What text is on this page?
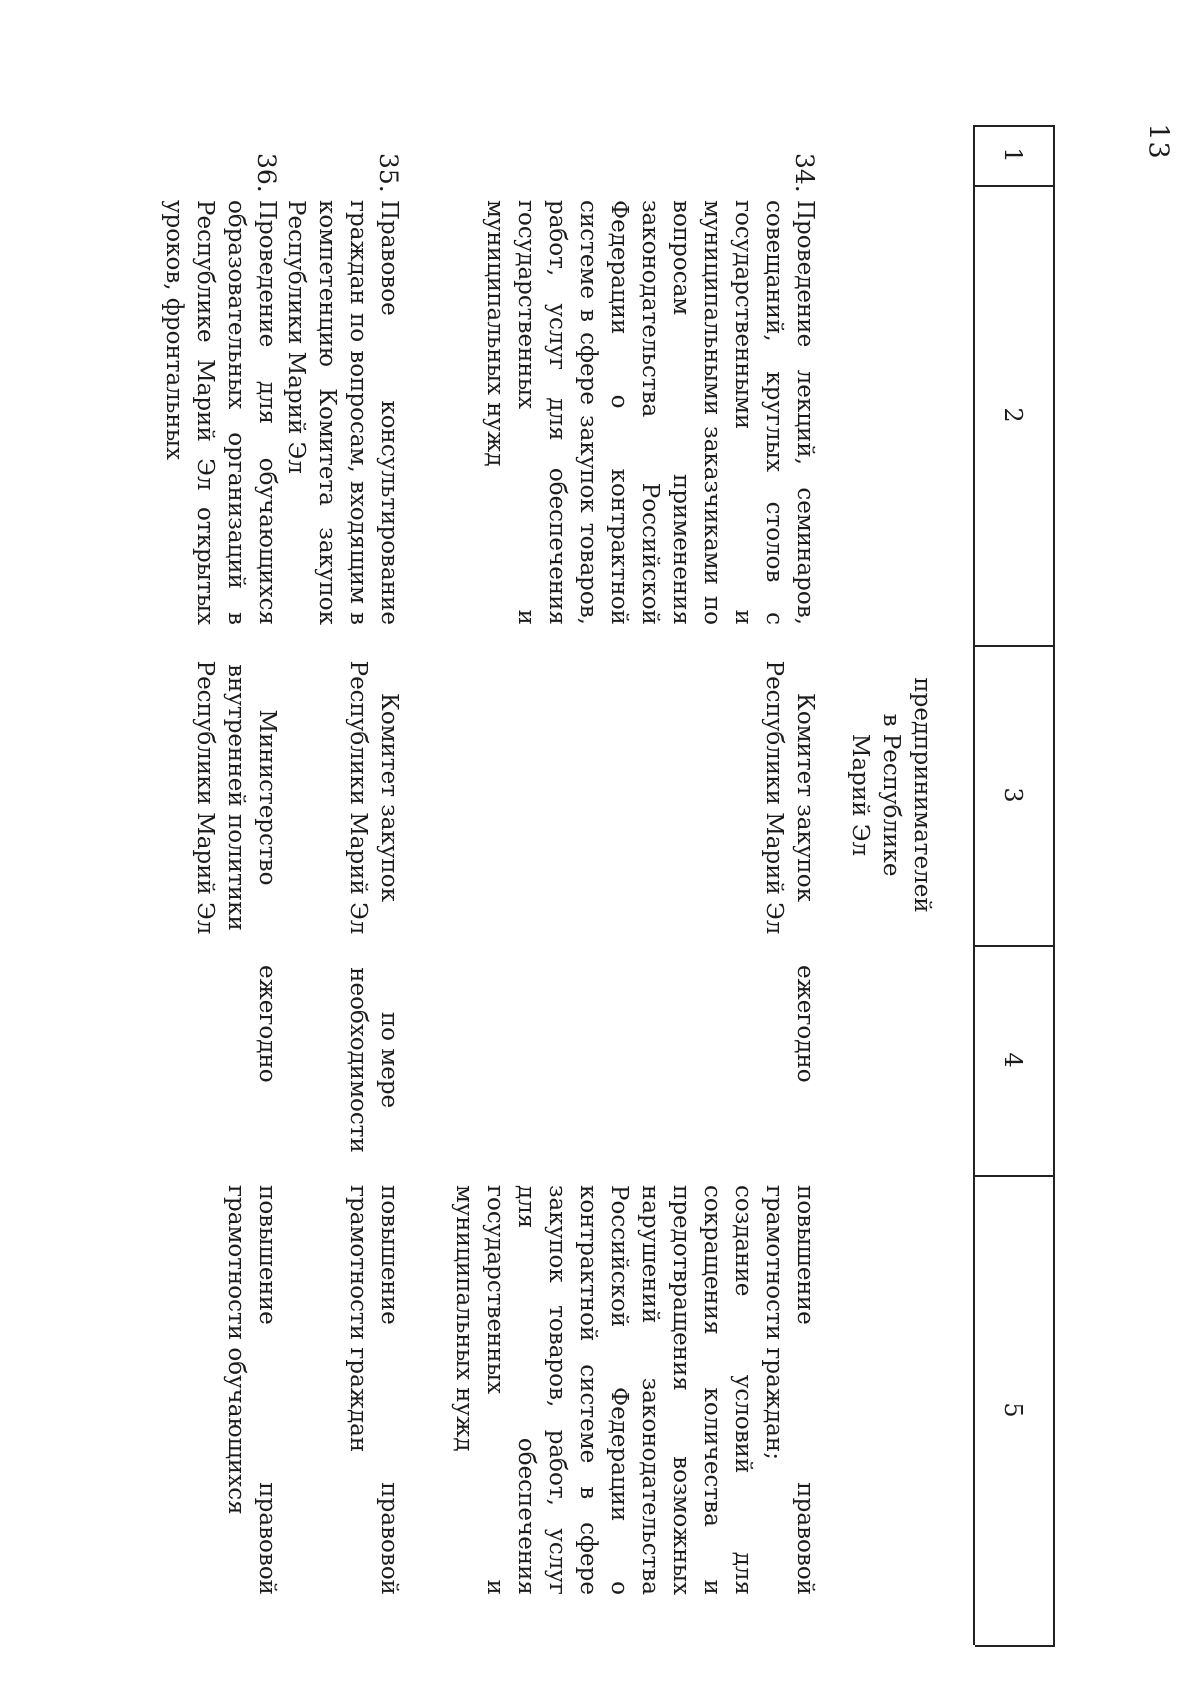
13
1
2
3
4
5
предпринимателей
в Республике
Марий Эл
34.
Проведение лекций, семинаров, совещаний, круглых столов с государственными и муниципальными заказчиками по вопросам применения законодательства Российской Федерации о контрактной системе в сфере закупок товаров, работ, услуг для обеспечения государственных и муниципальных нужд
Комитет закупок
Республики Марий Эл
ежегодно
повышение правовой грамотности граждан;
создание условий для сокращения количества и предотвращения возможных нарушений законодательства Российской Федерации о контрактной системе в сфере закупок товаров, работ, услуг для обеспечения государственных и муниципальных нужд
35.
Правовое консультирование граждан по вопросам, входящим в компетенцию Комитета закупок Республики Марий Эл
Комитет закупок
Республики Марий Эл
по мере
необходимости
повышение правовой грамотности граждан
36.
Проведение для обучающихся образовательных организаций в Республике Марий Эл открытых уроков, фронтальных
Министерство
внутренней политики
Республики Марий Эл
ежегодно
повышение правовой грамотности обучающихся
